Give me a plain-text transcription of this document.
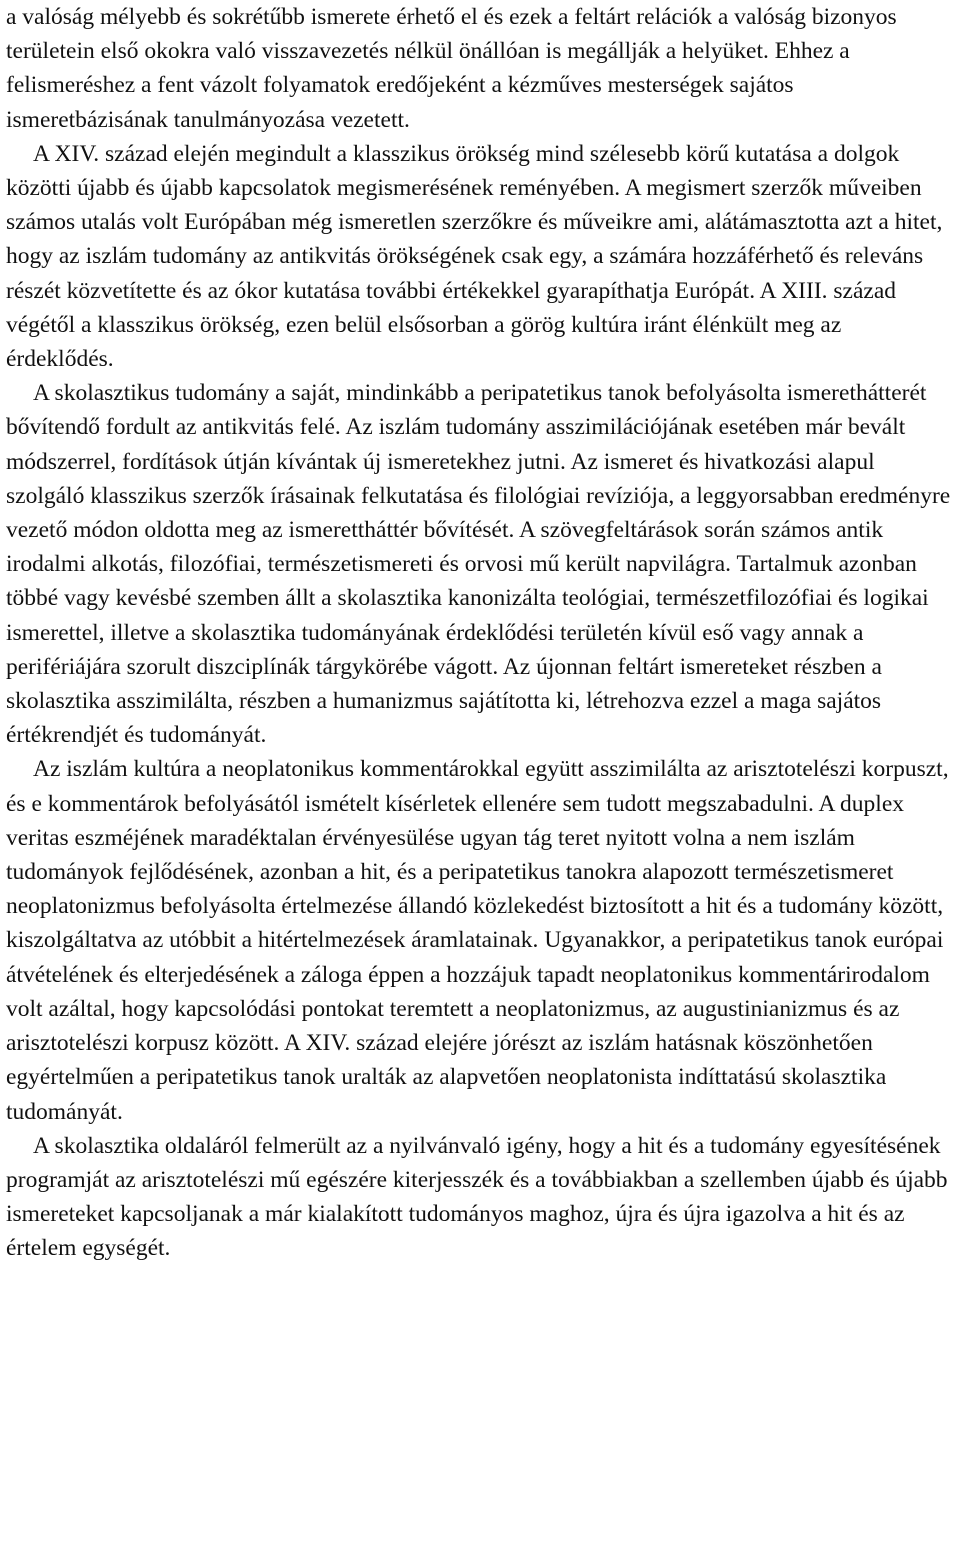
a valóság mélyebb és sokrétűbb ismerete érhető el és ezek a feltárt relációk a valóság bizonyos területein első okokra való visszavezetés nélkül önállóan is megállják a helyüket. Ehhez a felismeréshez a fent vázolt folyamatok eredőjeként a kézműves mesterségek sajátos ismeretbázisának tanulmányozása vezetett.

A XIV. század elején megindult a klasszikus örökség mind szélesebb körű kutatása a dolgok közötti újabb és újabb kapcsolatok megismerésének reményében. A megismert szerzők műveiben számos utalás volt Európában még ismeretlen szerzőkre és műveikre ami, alátámasztotta azt a hitet, hogy az iszlám tudomány az antikvitás örökségének csak egy, a számára hozzáférhető és releváns részét közvetítette és az ókor kutatása további értékekkel gyarapíthatja Európát. A XIII. század végétől a klasszikus örökség, ezen belül elsősorban a görög kultúra iránt élénkült meg az érdeklődés.

A skolasztikus tudomány a saját, mindinkább a peripatetikus tanok befolyásolta ismerethátterét bővítendő fordult az antikvitás felé. Az iszlám tudomány asszimilációjának esetében már bevált módszerrel, fordítások útján kívántak új ismeretekhez jutni. Az ismeret és hivatkozási alapul szolgáló klasszikus szerzők írásainak felkutatása és filológiai revíziója, a leggyorsabban eredményre vezető módon oldotta meg az ismerettháttér bővítését. A szövegfeltárások során számos antik irodalmi alkotás, filozófiai, természetismereti és orvosi mű került napvilágra. Tartalmuk azonban többé vagy kevésbé szemben állt a skolasztika kanonizálta teológiai, természetfilozófiai és logikai ismerettel, illetve a skolasztika tudományának érdeklődési területén kívül eső vagy annak a perifériájára szorult diszciplínák tárgykörébe vágott. Az újonnan feltárt ismereteket részben a skolasztika asszimilálta, részben a humanizmus sajátította ki, létrehozva ezzel a maga sajátos értékrendjét és tudományát.

Az iszlám kultúra a neoplatonikus kommentárokkal együtt asszimilálta az arisztotelészi korpuszt, és e kommentárok befolyásától ismételt kísérletek ellenére sem tudott megszabadulni. A duplex veritas eszméjének maradéktalan érvényesülése ugyan tág teret nyitott volna a nem iszlám tudományok fejlődésének, azonban a hit, és a peripatetikus tanokra alapozott természetismeret neoplatonizmus befolyásolta értelmezése állandó közlekedést biztosított a hit és a tudomány között, kiszolgáltatva az utóbbit a hitértelmezések áramlatainak. Ugyanakkor, a peripatetikus tanok európai átvételének és elterjedésének a záloga éppen a hozzájuk tapadt neoplatonikus kommentárirodalom volt azáltal, hogy kapcsolódási pontokat teremtett a neoplatonizmus, az augustinianizmus és az arisztotelészi korpusz között. A XIV. század elejére jórészt az iszlám hatásnak köszönhetően egyértelműen a peripatetikus tanok uralták az alapvetően neoplatonista indíttatású skolasztika tudományát.

A skolasztika oldaláról felmerült az a nyilvánvaló igény, hogy a hit és a tudomány egyesítésének programját az arisztotelészi mű egészére kiterjesszék és a továbbiakban a szellemben újabb és újabb ismereteket kapcsoljanak a már kialakított tudományos maghoz, újra és újra igazolva a hit és az értelem egységét.
